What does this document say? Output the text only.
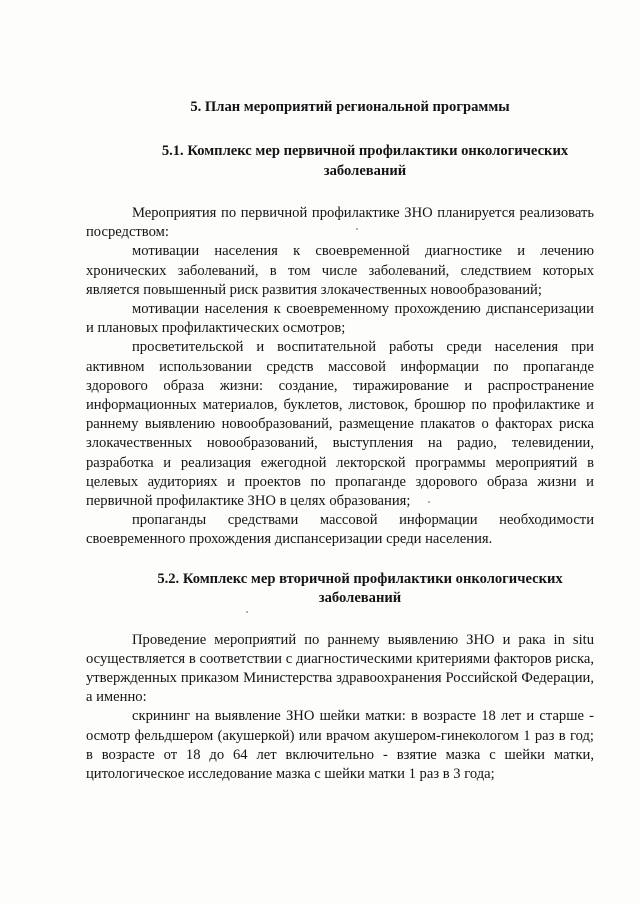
5. План мероприятий региональной программы
5.1. Комплекс мер первичной профилактики онкологических
заболеваний

Мероприятия по первичной профилактике ЗНО планируется реализовать посредством:

мотивации населения к своевременной диагностике и лечению хронических заболеваний, в том числе заболеваний, следствием которых является повышенный риск развития злокачественных новообразований;

мотивации населения к своевременному прохождению диспансеризации и плановых профилактических осмотров;

просветительской и воспитательной работы среди населения при активном использовании средств массовой информации по пропаганде здорового образа жизни: создание, тиражирование и распространение информационных материалов, буклетов, листовок, брошюр по профилактике и раннему выявлению новообразований, размещение плакатов о факторах риска злокачественных новообразований, выступления на радио, телевидении, разработка и реализация ежегодной лекторской программы мероприятий в целевых аудиториях и проектов по пропаганде здорового образа жизни и первичной профилактике ЗНО в целях образования;

пропаганды средствами массовой информации необходимости своевременного прохождения диспансеризации среди населения.

5.2. Комплекс мер вторичной профилактики онкологических
заболеваний

Проведение мероприятий по раннему выявлению ЗНО и рака in situ осуществляется в соответствии с диагностическими критериями факторов риска, утвержденных приказом Министерства здравоохранения Российской Федерации, а именно:

скрининг на выявление ЗНО шейки матки: в возрасте 18 лет и старше - осмотр фельдшером (акушеркой) или врачом акушером-гинекологом 1 раз в год; в возрасте от 18 до 64 лет включительно - взятие мазка с шейки матки, цитологическое исследование мазка с шейки матки 1 раз в 3 года;
